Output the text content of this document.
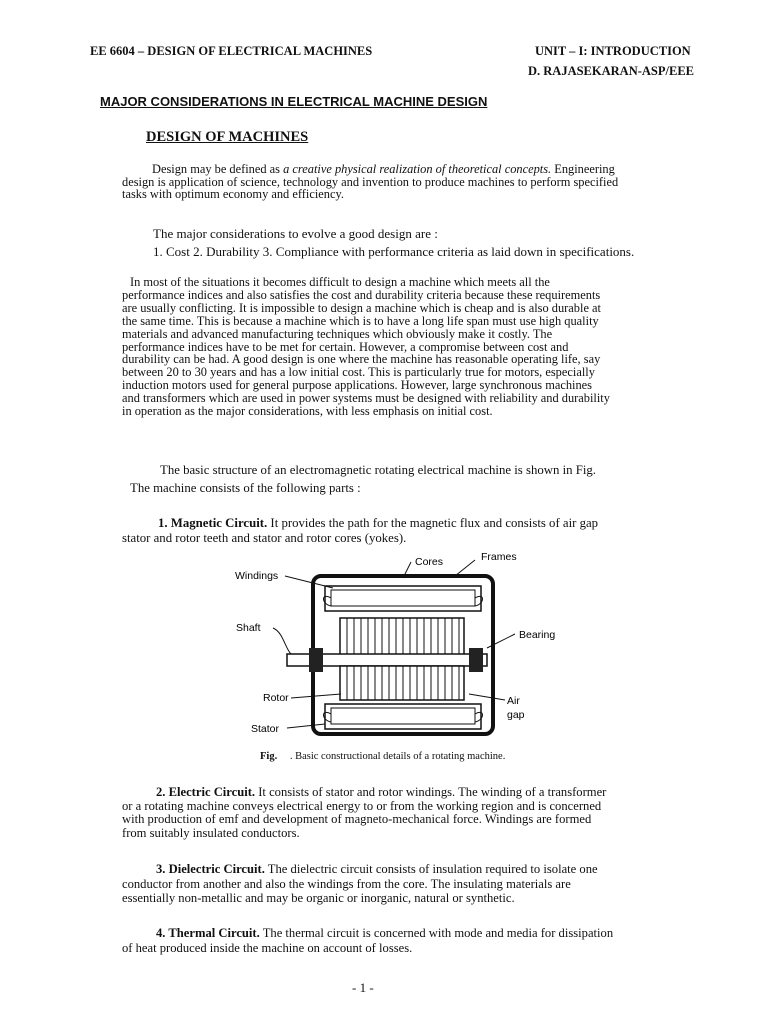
EE 6604 – DESIGN OF ELECTRICAL MACHINES	UNIT – I: INTRODUCTION
D. RAJASEKARAN-ASP/EEE
MAJOR CONSIDERATIONS IN ELECTRICAL MACHINE DESIGN
DESIGN OF MACHINES
Design may be defined as a creative physical realization of theoretical concepts. Engineering
design is application of science, technology and invention to produce machines to perform specified
tasks with optimum economy and efficiency.
The major considerations to evolve a good design are :
1. Cost 2. Durability 3. Compliance with performance criteria as laid down in specifications.
In most of the situations it becomes difficult to design a machine which meets all the
performance indices and also satisfies the cost and durability criteria because these requirements
are usually conflicting. It is impossible to design a machine which is cheap and is also durable at
the same time. This is because a machine which is to have a long life span must use high quality
materials and advanced manufacturing techniques which obviously make it costly. The
performance indices have to be met for certain. However, a compromise between cost and
durability can be had. A good design is one where the machine has reasonable operating life, say
between 20 to 30 years and has a low initial cost. This is particularly true for motors, especially
induction motors used for general purpose applications. However, large synchronous machines
and transformers which are used in power systems must be designed with reliability and durability
in operation as the major considerations, with less emphasis on initial cost.
The basic structure of an electromagnetic rotating electrical machine is shown in Fig.
The machine consists of the following parts :
1. Magnetic Circuit. It provides the path for the magnetic flux and consists of air gap
stator and rotor teeth and stator and rotor cores (yokes).
Windings
Cores	Frames
Shaft
Bearing
Rotor
Stator
Air
gap
Fig. . Basic constructional details of a rotating machine.
2. Electric Circuit. It consists of stator and rotor windings. The winding of a transformer
or a rotating machine conveys electrical energy to or from the working region and is concerned
with production of emf and development of magneto-mechanical force. Windings are formed
from suitably insulated conductors.
3. Dielectric Circuit. The dielectric circuit consists of insulation required to isolate one
conductor from another and also the windings from the core. The insulating materials are
essentially non-metallic and may be organic or inorganic, natural or synthetic.
4. Thermal Circuit. The thermal circuit is concerned with mode and media for dissipation
of heat produced inside the machine on account of losses.
- 1 -
